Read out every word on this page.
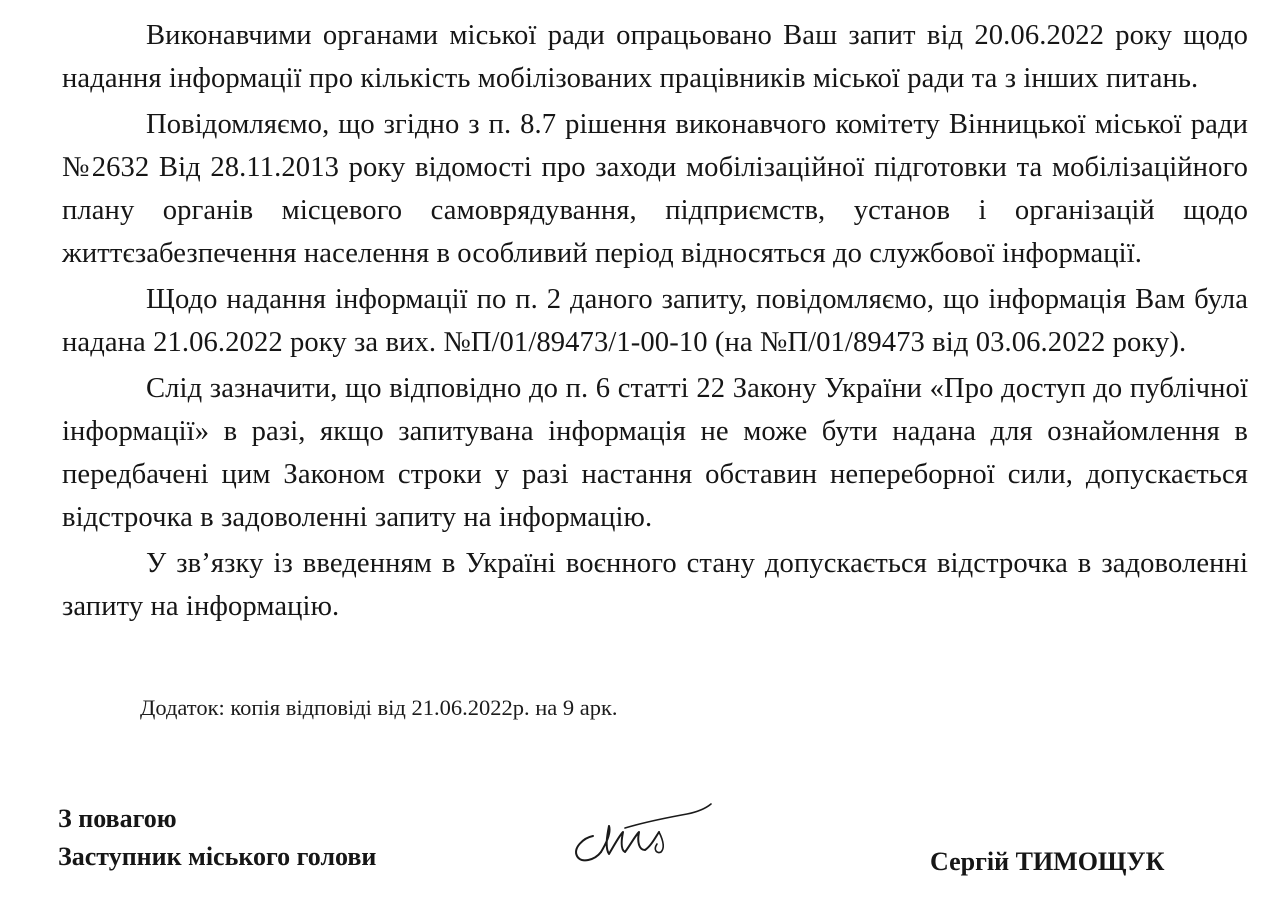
Виконавчими органами міської ради опрацьовано Ваш запит від 20.06.2022 року щодо надання інформації про кількість мобілізованих працівників міської ради та з інших питань.

Повідомляємо, що згідно з п. 8.7 рішення виконавчого комітету Вінницької міської ради №2632 Від 28.11.2013 року відомості про заходи мобілізаційної підготовки та мобілізаційного плану органів місцевого самоврядування, підприємств, установ і організацій щодо життєзабезпечення населення в особливий період відносяться до службової інформації.

Щодо надання інформації по п. 2 даного запиту, повідомляємо, що інформація Вам була надана 21.06.2022 року за вих. №П/01/89473/1-00-10 (на №П/01/89473 від 03.06.2022 року).

Слід зазначити, що відповідно до п. 6 статті 22 Закону України «Про доступ до публічної інформації» в разі, якщо запитувана інформація не може бути надана для ознайомлення в передбачені цим Законом строки у разі настання обставин непереборної сили, допускається відстрочка в задоволенні запиту на інформацію.

У зв’язку із введенням в Україні воєнного стану допускається відстрочка в задоволенні запиту на інформацію.

Додаток: копія відповіді від 21.06.2022р. на 9 арк.
З повагою
Заступник міського голови	Сергій ТИМОЩУК
